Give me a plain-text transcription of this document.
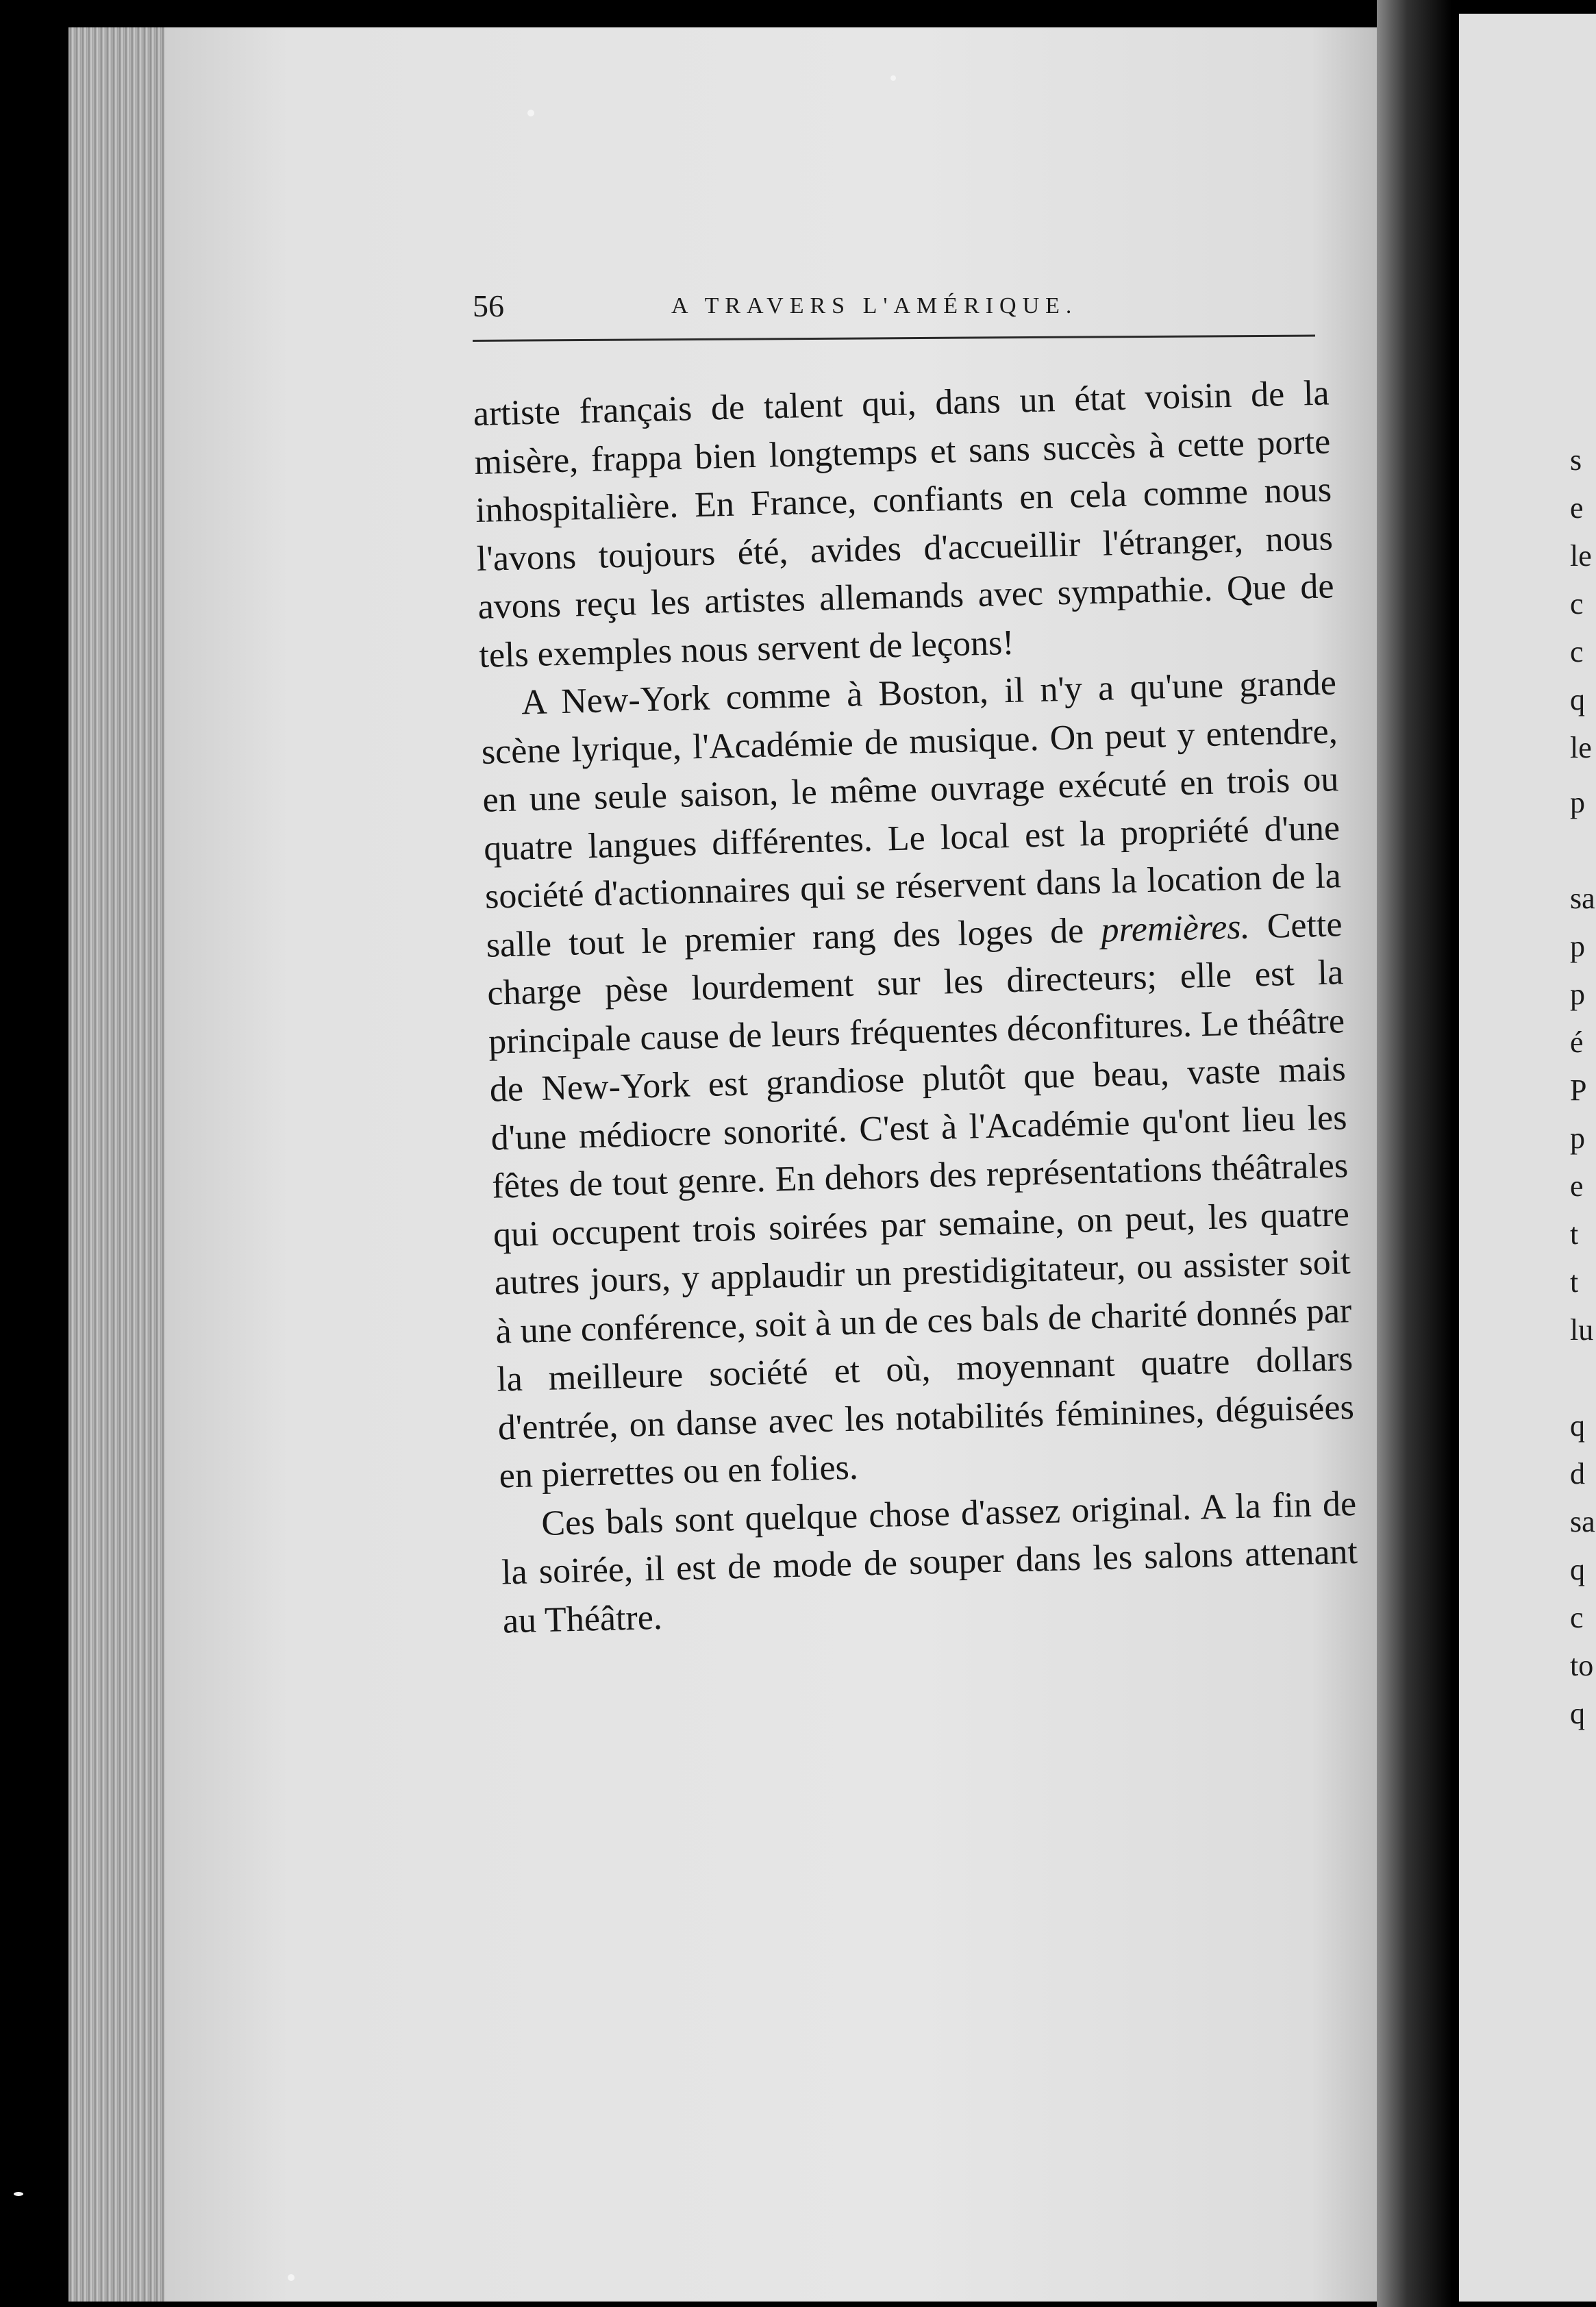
s
e
le
c
c
q
le
p
sa
p
p
é
P
p
e
t
t
lu
q
d
sa
q
c
to
q
56	A TRAVERS L'AMÉRIQUE.

artiste français de talent qui, dans un état voisin de la misère, frappa bien longtemps et sans succès à cette porte inhospitalière. En France, confiants en cela comme nous l'avons toujours été, avides d'accueillir l'étranger, nous avons reçu les artistes allemands avec sympathie. Que de tels exemples nous servent de leçons!

A New-York comme à Boston, il n'y a qu'une grande scène lyrique, l'Académie de musique. On peut y entendre, en une seule saison, le même ouvrage exécuté en trois ou quatre langues différentes. Le local est la propriété d'une société d'actionnaires qui se réservent dans la location de la salle tout le premier rang des loges de premières. Cette charge pèse lourdement sur les directeurs; elle est la principale cause de leurs fréquentes déconfitures. Le théâtre de New-York est grandiose plutôt que beau, vaste mais d'une médiocre sonorité. C'est à l'Académie qu'ont lieu les fêtes de tout genre. En dehors des représentations théâtrales qui occupent trois soirées par semaine, on peut, les quatre autres jours, y applaudir un prestidigitateur, ou assister soit à une conférence, soit à un de ces bals de charité donnés par la meilleure société et où, moyennant quatre dollars d'entrée, on danse avec les notabilités féminines, déguisées en pierrettes ou en folies.

Ces bals sont quelque chose d'assez original. A la fin de la soirée, il est de mode de souper dans les salons attenant au Théâtre.
